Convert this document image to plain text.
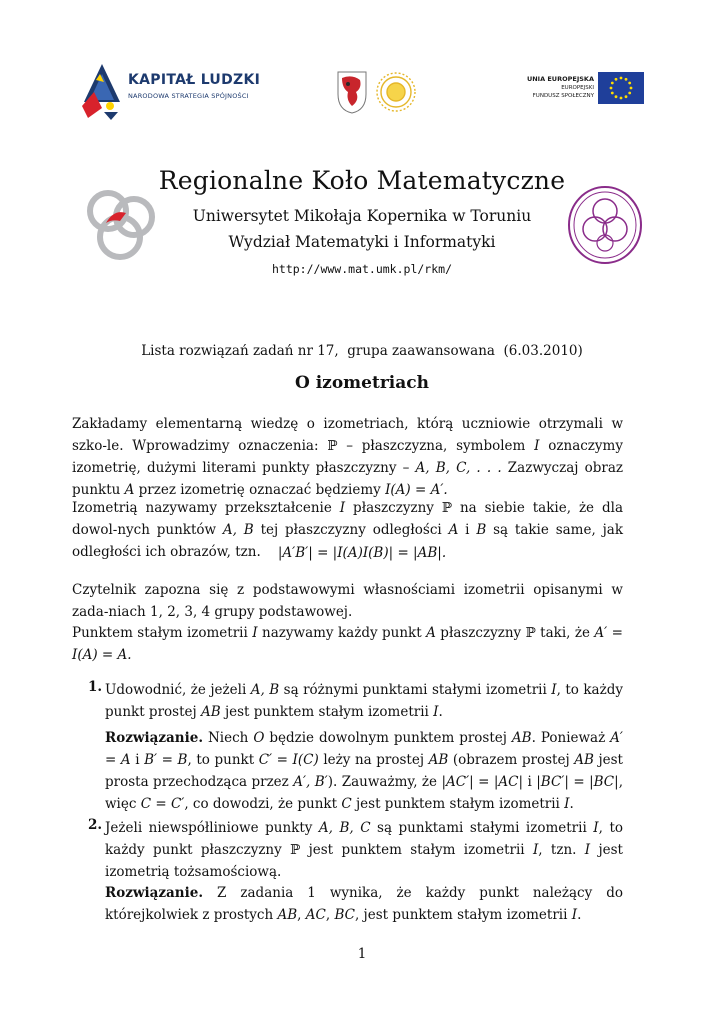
KAPITAŁ LUDZKI
NARODOWA STRATEGIA SPÓJNOŚCI
UNIA EUROPEJSKA
EUROPEJSKI
FUNDUSZ SPOŁECZNY
Regionalne Koło Matematyczne
Uniwersytet Mikołaja Kopernika w Toruniu
Wydział Matematyki i Informatyki
http://www.mat.umk.pl/rkm/
Lista rozwiązań zadań nr 17,  grupa zaawansowana  (6.03.2010)
O izometriach

Zakładamy elementarną wiedzę o izometriach, którą uczniowie otrzymali w szko-le. Wprowadzimy oznaczenia: ℙ – płaszczyzna, symbolem I oznaczymy izometrię, dużymi literami punkty płaszczyzny – A, B, C, . . . Zazwyczaj obraz punktu A przez izometrię oznaczać będziemy I(A) = A′.

Izometrią nazywamy przekształcenie I płaszczyzny ℙ na siebie takie, że dla dowol-nych punktów A, B tej płaszczyzny odległości A i B są takie same, jak odległości ich obrazów, tzn.	|A′B′| = |I(A)I(B)| = |AB|.

Czytelnik zapozna się z podstawowymi własnościami izometrii opisanymi w zada-niach 1, 2, 3, 4 grupy podstawowej.

Punktem stałym izometrii I nazywamy każdy punkt A płaszczyzny ℙ taki, że A′ = I(A) = A.

1. Udowodnić, że jeżeli A, B są różnymi punktami stałymi izometrii I, to każdy punkt prostej AB jest punktem stałym izometrii I.

Rozwiązanie. Niech O będzie dowolnym punktem prostej AB. Ponieważ A′ = A i B′ = B, to punkt C′ = I(C) leży na prostej AB (obrazem prostej AB jest prosta przechodząca przez A′, B′). Zauważmy, że |AC′| = |AC| i |BC′| = |BC|, więc C = C′, co dowodzi, że punkt C jest punktem stałym izometrii I.

2. Jeżeli niewspółliniowe punkty A, B, C są punktami stałymi izometrii I, to każdy punkt płaszczyzny ℙ jest punktem stałym izometrii I, tzn. I jest izometrią tożsamościową.

Rozwiązanie. Z zadania 1 wynika, że każdy punkt należący do którejkolwiek z prostych AB, AC, BC, jest punktem stałym izometrii I.

1
